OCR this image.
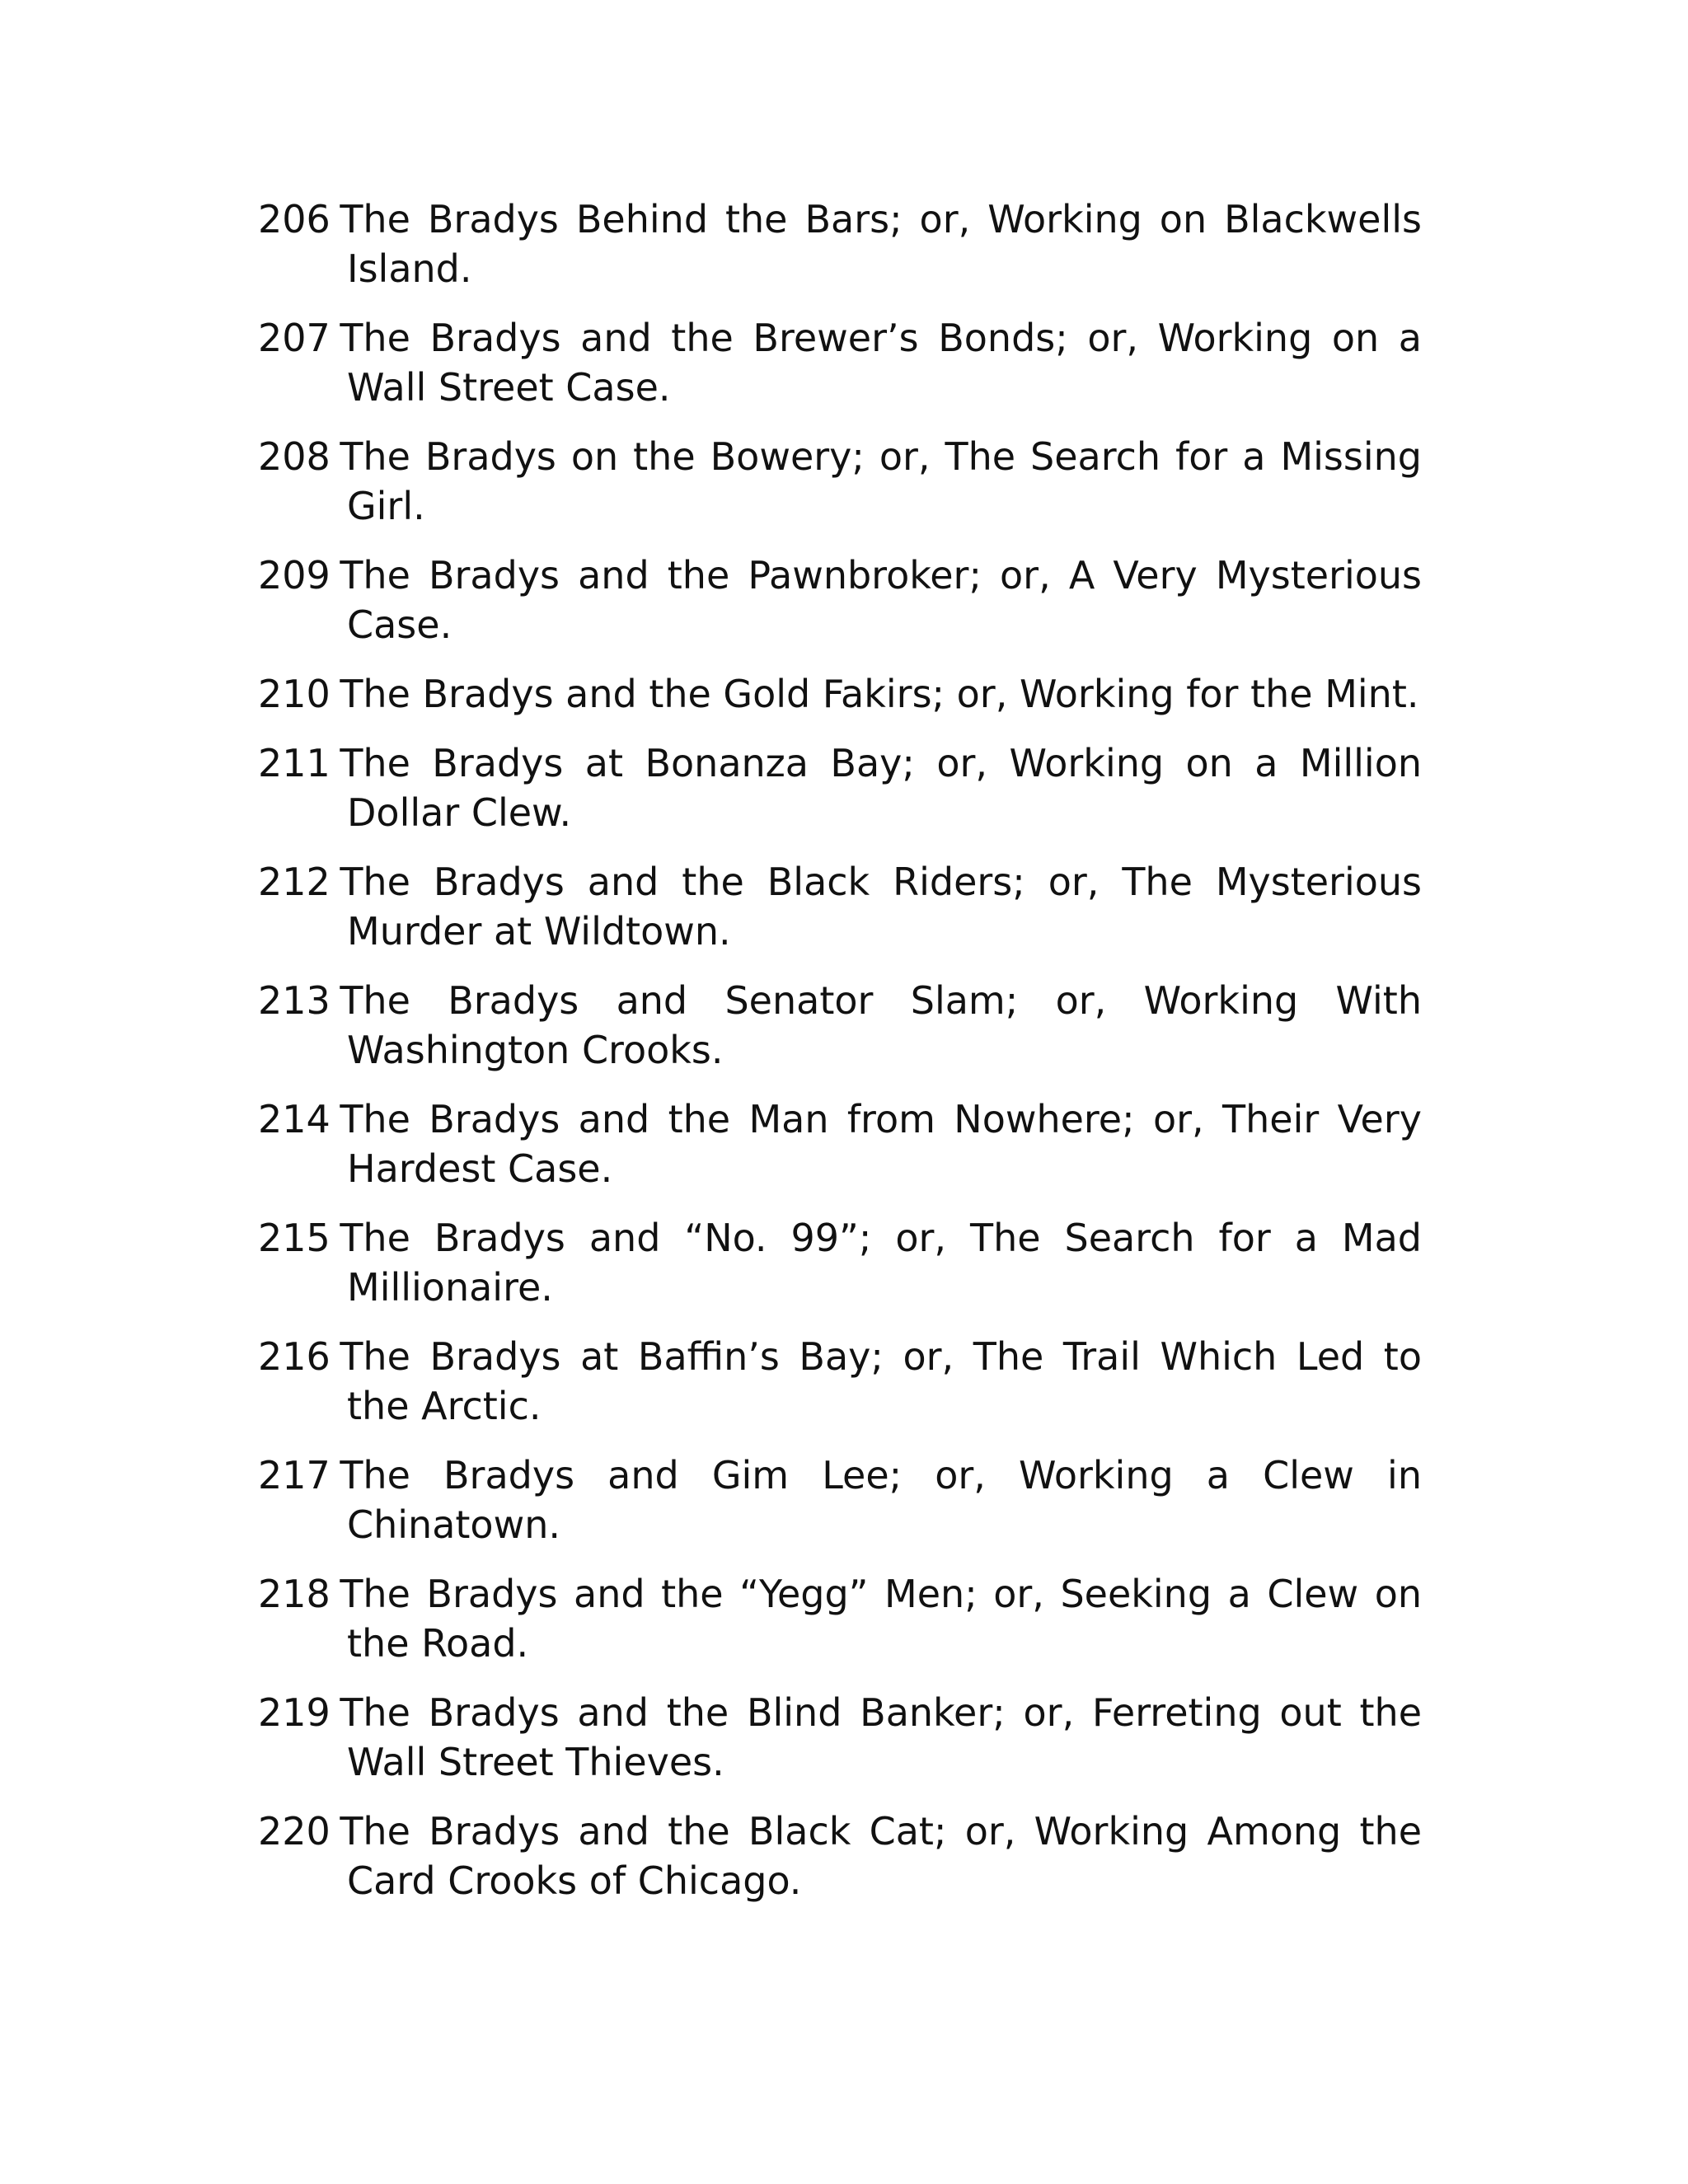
206 The Bradys Behind the Bars; or, Working on Blackwells Island.
207 The Bradys and the Brewer’s Bonds; or, Working on a Wall Street Case.
208 The Bradys on the Bowery; or, The Search for a Missing Girl.
209 The Bradys and the Pawnbroker; or, A Very Mysterious Case.
210 The Bradys and the Gold Fakirs; or, Working for the Mint.
211 The Bradys at Bonanza Bay; or, Working on a Million Dollar Clew.
212 The Bradys and the Black Riders; or, The Mysterious Murder at Wildtown.
213 The Bradys and Senator Slam; or, Working With Washington Crooks.
214 The Bradys and the Man from Nowhere; or, Their Very Hardest Case.
215 The Bradys and “No. 99”; or, The Search for a Mad Millionaire.
216 The Bradys at Baffin’s Bay; or, The Trail Which Led to the Arctic.
217 The Bradys and Gim Lee; or, Working a Clew in Chinatown.
218 The Bradys and the “Yegg” Men; or, Seeking a Clew on the Road.
219 The Bradys and the Blind Banker; or, Ferreting out the Wall Street Thieves.
220 The Bradys and the Black Cat; or, Working Among the Card Crooks of Chicago.
